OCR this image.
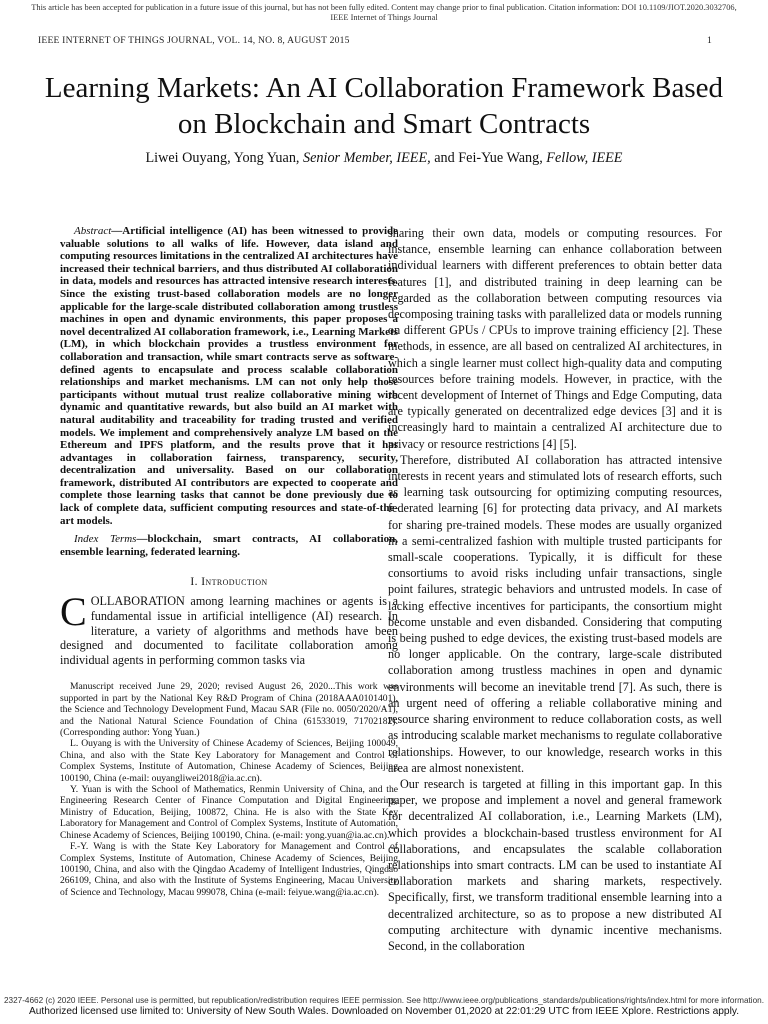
This article has been accepted for publication in a future issue of this journal, but has not been fully edited. Content may change prior to final publication. Citation information: DOI 10.1109/JIOT.2020.3032706, IEEE Internet of Things Journal
IEEE INTERNET OF THINGS JOURNAL, VOL. 14, NO. 8, AUGUST 2015	1
Learning Markets: An AI Collaboration Framework Based on Blockchain and Smart Contracts
Liwei Ouyang, Yong Yuan, Senior Member, IEEE, and Fei-Yue Wang, Fellow, IEEE

Abstract—Artificial intelligence (AI) has been witnessed to provide valuable solutions to all walks of life. However, data island and computing resources limitations in the centralized AI architectures have increased their technical barriers, and thus distributed AI collaboration in data, models and resources has attracted intensive research interests. Since the existing trust-based collaboration models are no longer applicable for the large-scale distributed collaboration among trustless machines in open and dynamic environments, this paper proposes a novel decentralized AI collaboration framework, i.e., Learning Markets (LM), in which blockchain provides a trustless environment for collaboration and transaction, while smart contracts serve as software-defined agents to encapsulate and process scalable collaboration relationships and market mechanisms. LM can not only help those participants without mutual trust realize collaborative mining with dynamic and quantitative rewards, but also build an AI market with natural auditability and traceability for trading trusted and verified models. We implement and comprehensively analyze LM based on the Ethereum and IPFS platform, and the results prove that it has advantages in collaboration fairness, transparency, security, decentralization and universality. Based on our collaboration framework, distributed AI contributors are expected to cooperate and complete those learning tasks that cannot be done previously due to lack of complete data, sufficient computing resources and state-of-the-art models.

Index Terms—blockchain, smart contracts, AI collaboration, ensemble learning, federated learning.

I. Introduction

COLLABORATION among learning machines or agents is a fundamental issue in artificial intelligence (AI) research. In literature, a variety of algorithms and methods have been designed and documented to facilitate collaboration among individual agents in performing common tasks via

Manuscript received June 29, 2020; revised August 26, 2020...This work was supported in part by the National Key R&D Program of China (2018AAA0101401), the Science and Technology Development Fund, Macau SAR (File no. 0050/2020/A1), and the National Natural Science Foundation of China (61533019, 71702182). (Corresponding author: Yong Yuan.)

L. Ouyang is with the University of Chinese Academy of Sciences, Beijing 100049, China, and also with the State Key Laboratory for Management and Control of Complex Systems, Institute of Automation, Chinese Academy of Sciences, Beijing 100190, China (e-mail: ouyangliwei2018@ia.ac.cn).

Y. Yuan is with the School of Mathematics, Renmin University of China, and the Engineering Research Center of Finance Computation and Digital Engineering, Ministry of Education, Beijing, 100872, China. He is also with the State Key Laboratory for Management and Control of Complex Systems, Institute of Automation, Chinese Academy of Sciences, Beijing 100190, China. (e-mail: yong.yuan@ia.ac.cn).

F.-Y. Wang is with the State Key Laboratory for Management and Control of Complex Systems, Institute of Automation, Chinese Academy of Sciences, Beijing 100190, China, and also with the Qingdao Academy of Intelligent Industries, Qingdao 266109, China, and also with the Institute of Systems Engineering, Macau University of Science and Technology, Macau 999078, China (e-mail: feiyue.wang@ia.ac.cn).

sharing their own data, models or computing resources. For instance, ensemble learning can enhance collaboration between individual learners with different preferences to obtain better data features [1], and distributed training in deep learning can be regarded as the collaboration between computing resources via decomposing training tasks with parallelized data or models running on different GPUs / CPUs to improve training efficiency [2]. These methods, in essence, are all based on centralized AI architectures, in which a single learner must collect high-quality data and computing resources before training models. However, in practice, with the recent development of Internet of Things and Edge Computing, data are typically generated on decentralized edge devices [3] and it is increasingly hard to maintain a centralized AI architecture due to privacy or resource restrictions [4] [5].

Therefore, distributed AI collaboration has attracted intensive interests in recent years and stimulated lots of research efforts, such as learning task outsourcing for optimizing computing resources, federated learning [6] for protecting data privacy, and AI markets for sharing pre-trained models. These modes are usually organized in a semi-centralized fashion with multiple trusted participants for small-scale cooperations. Typically, it is difficult for these consortiums to avoid risks including unfair transactions, single point failures, strategic behaviors and untrusted models. In case of lacking effective incentives for participants, the consortium might become unstable and even disbanded. Considering that computing is being pushed to edge devices, the existing trust-based models are no longer applicable. On the contrary, large-scale distributed collaboration among trustless machines in open and dynamic environments will become an inevitable trend [7]. As such, there is an urgent need of offering a reliable collaborative mining and resource sharing environment to reduce collaboration costs, as well as introducing scalable market mechanisms to regulate collaborative relationships. However, to our knowledge, research works in this area are almost nonexistent.

Our research is targeted at filling in this important gap. In this paper, we propose and implement a novel and general framework for decentralized AI collaboration, i.e., Learning Markets (LM), which provides a blockchain-based trustless environment for AI collaborations, and encapsulates the scalable collaboration relationships into smart contracts. LM can be used to instantiate AI collaboration markets and sharing markets, respectively. Specifically, first, we transform traditional ensemble learning into a decentralized architecture, so as to propose a new distributed AI computing architecture with dynamic incentive mechanisms. Second, in the collaboration

2327-4662 (c) 2020 IEEE. Personal use is permitted, but republication/redistribution requires IEEE permission. See http://www.ieee.org/publications_standards/publications/rights/index.html for more information.
Authorized licensed use limited to: University of New South Wales. Downloaded on November 01,2020 at 22:01:29 UTC from IEEE Xplore. Restrictions apply.
